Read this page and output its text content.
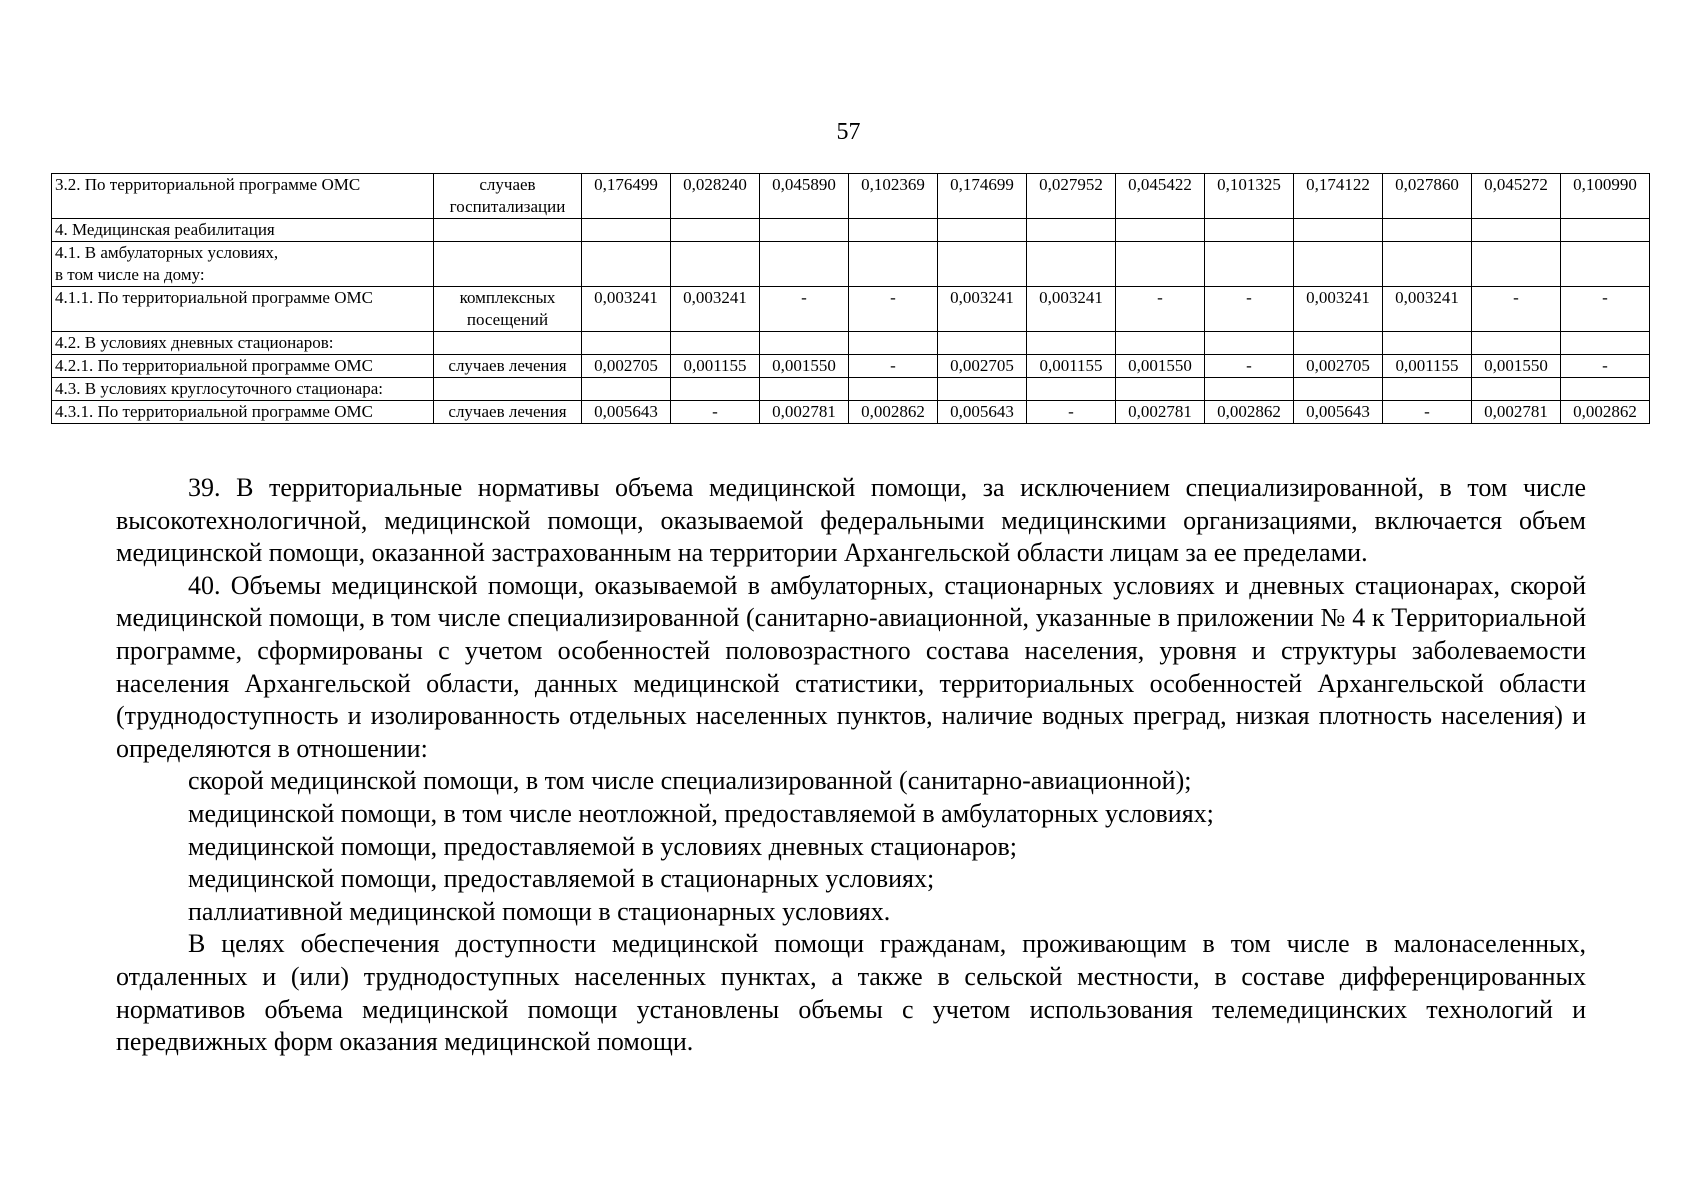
57
3.2. По территориальной программе ОМС	случаев госпитализации	0,176499	0,028240	0,045890	0,102369	0,174699	0,027952	0,045422	0,101325	0,174122	0,027860	0,045272	0,100990
4. Медицинская реабилитация													
4.1. В амбулаторных условиях,
в том числе на дому:													
4.1.1. По территориальной программе ОМС	комплексных посещений	0,003241	0,003241	-	-	0,003241	0,003241	-	-	0,003241	0,003241	-	-
4.2. В условиях дневных стационаров:													
4.2.1. По территориальной программе ОМС	случаев лечения	0,002705	0,001155	0,001550	-	0,002705	0,001155	0,001550	-	0,002705	0,001155	0,001550	-
4.3. В условиях круглосуточного стационара:													
4.3.1. По территориальной программе ОМС	случаев лечения	0,005643	-	0,002781	0,002862	0,005643	-	0,002781	0,002862	0,005643	-	0,002781	0,002862

39. В территориальные нормативы объема медицинской помощи, за исключением специализированной, в том числе высокотехнологичной, медицинской помощи, оказываемой федеральными медицинскими организациями, включается объем медицинской помощи, оказанной застрахованным на территории Архангельской области лицам за ее пределами.

40. Объемы медицинской помощи, оказываемой в амбулаторных, стационарных условиях и дневных стационарах, скорой медицинской помощи, в том числе специализированной (санитарно-авиационной, указанные в приложении № 4 к Территориальной программе, сформированы с учетом особенностей половозрастного состава населения, уровня и структуры заболеваемости населения Архангельской области, данных медицинской статистики, территориальных особенностей Архангельской области (труднодоступность и изолированность отдельных населенных пунктов, наличие водных преград, низкая плотность населения) и определяются в отношении:

скорой медицинской помощи, в том числе специализированной (санитарно-авиационной);

медицинской помощи, в том числе неотложной, предоставляемой в амбулаторных условиях;

медицинской помощи, предоставляемой в условиях дневных стационаров;

медицинской помощи, предоставляемой в стационарных условиях;

паллиативной медицинской помощи в стационарных условиях.

В целях обеспечения доступности медицинской помощи гражданам, проживающим в том числе в малонаселенных, отдаленных и (или) труднодоступных населенных пунктах, а также в сельской местности, в составе дифференцированных нормативов объема медицинской помощи установлены объемы с учетом использования телемедицинских технологий и передвижных форм оказания медицинской помощи.
